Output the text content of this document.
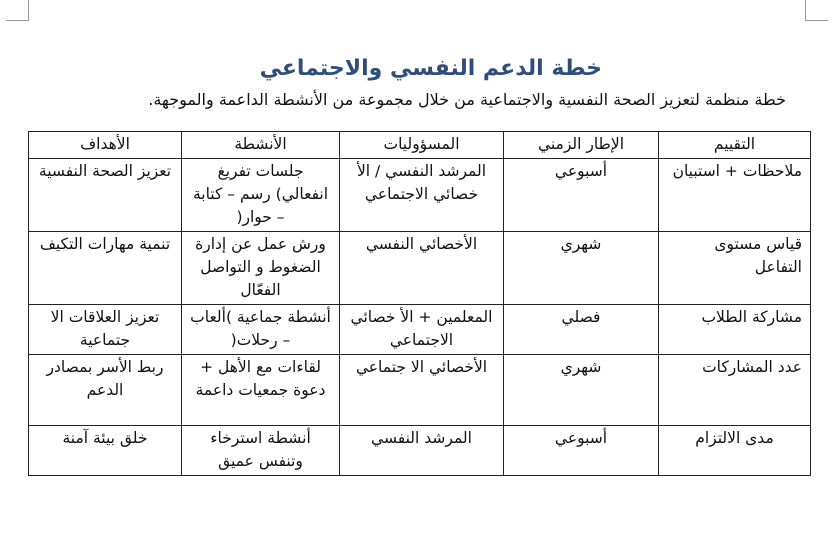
خطة الدعم النفسي والاجتماعي
خطة منظمة لتعزيز الصحة النفسية والاجتماعية من خلال مجموعة من الأنشطة الداعمة والموجهة.
التقييم	الإطار الزمني	المسؤوليات	الأنشطة	الأهداف
ملاحظات + استبيان	أسبوعي	المرشد النفسي / الأ خصائي الاجتماعي	جلسات تفريغ انفعالي) رسم – كتابة – حوار(	تعزيز الصحة النفسية
قياس مستوى التفاعل	شهري	الأخصائي النفسي	ورش عمل عن إدارة الضغوط و التواصل الفعّال	تنمية مهارات التكيف
مشاركة الطلاب	فصلي	المعلمين + الأ خصائي الاجتماعي	أنشطة جماعية )ألعاب – رحلات(	تعزيز العلاقات الا جتماعية
عدد المشاركات	شهري	الأخصائي الا جتماعي	لقاءات مع الأهل + دعوة جمعيات داعمة	ربط الأسر بمصادر الدعم
مدى الالتزام	أسبوعي	المرشد النفسي	أنشطة استرخاء وتنفس عميق	خلق بيئة آمنة
